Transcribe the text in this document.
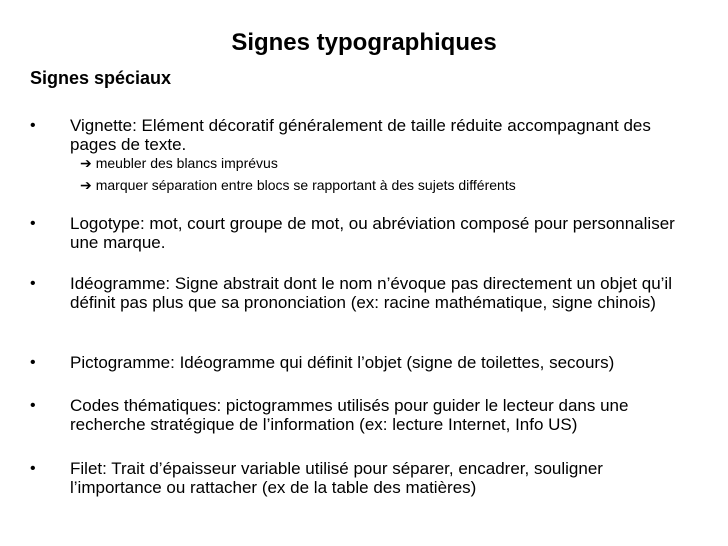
Signes typographiques
Signes spéciaux
• Vignette: Elément décoratif généralement de taille réduite accompagnant des pages de texte.
➔ meubler des blancs imprévus
➔ marquer séparation entre blocs se rapportant à des sujets différents
• Logotype: mot, court groupe de mot, ou abréviation composé pour personnaliser une marque.
• Idéogramme: Signe abstrait dont le nom n’évoque pas directement un objet qu’il définit pas plus que sa prononciation (ex: racine mathématique, signe chinois)
• Pictogramme: Idéogramme qui définit l’objet (signe de toilettes, secours)
• Codes thématiques: pictogrammes utilisés pour guider le lecteur dans une recherche stratégique de l’information (ex: lecture Internet, Info US)
• Filet: Trait d’épaisseur variable utilisé pour séparer, encadrer, souligner l’importance ou rattacher (ex de la table des matières)
